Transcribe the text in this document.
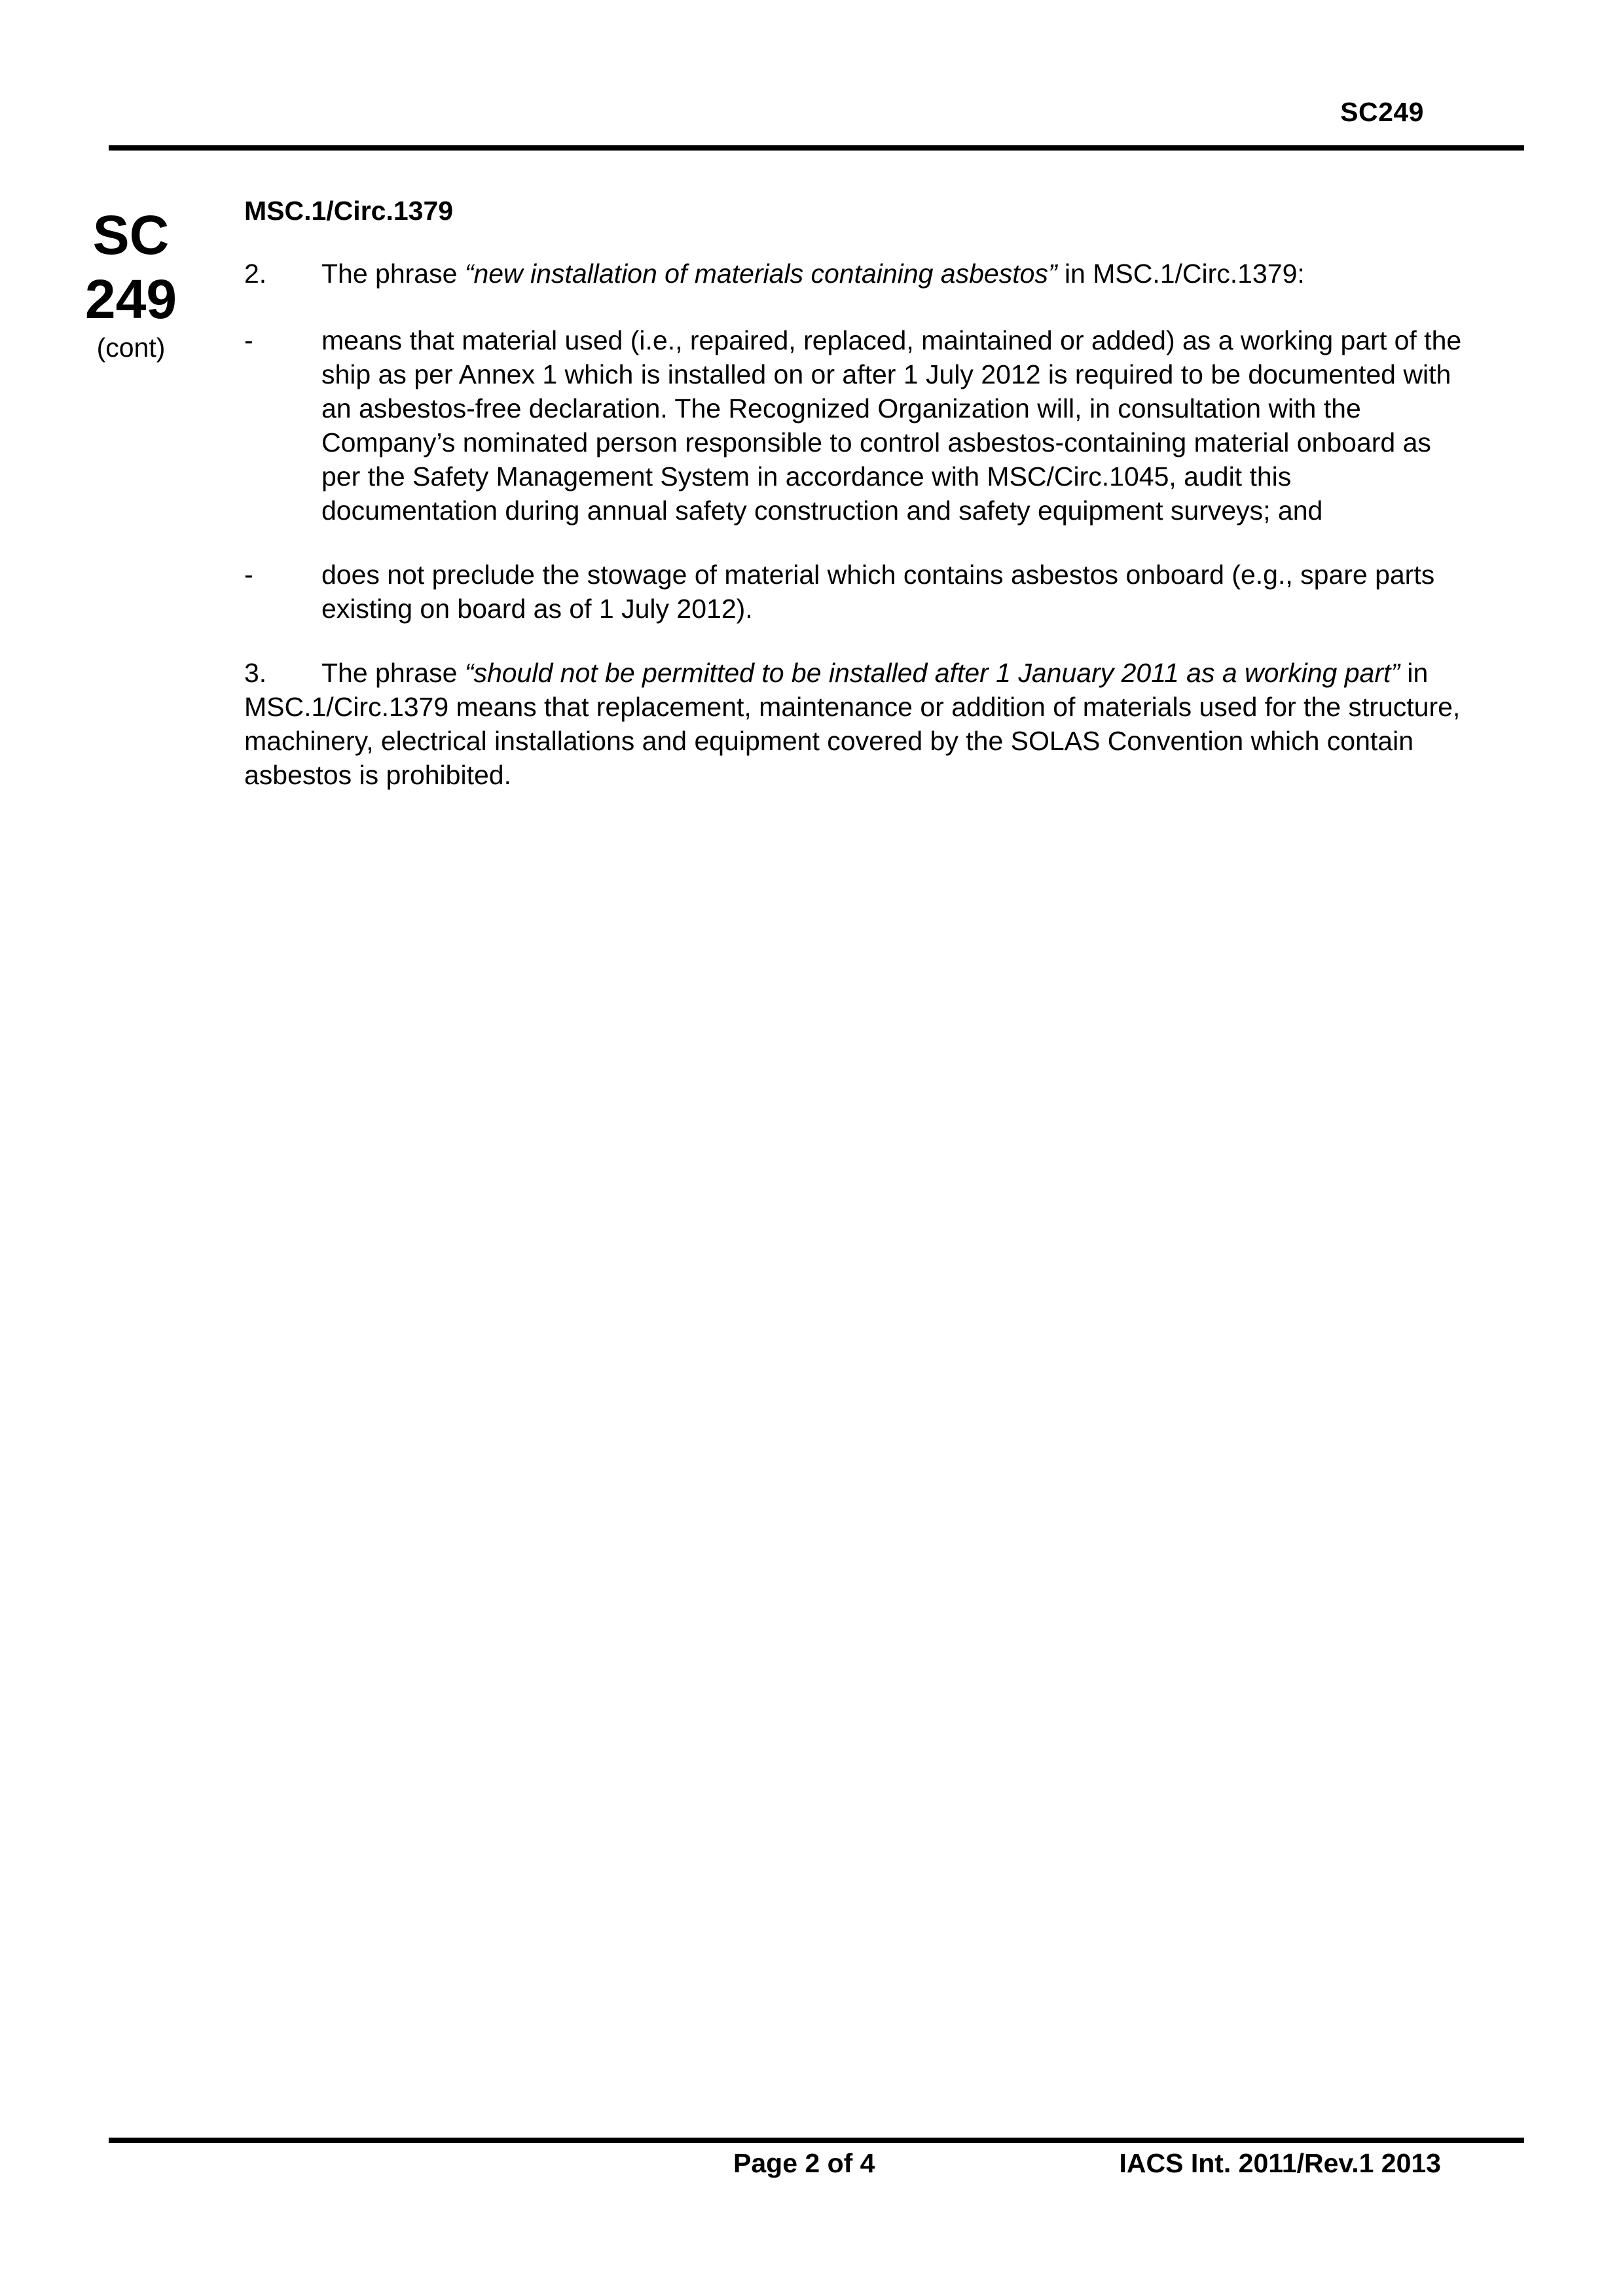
SC249
SC
249
(cont)
MSC.1/Circ.1379
2. The phrase “new installation of materials containing asbestos” in MSC.1/Circ.1379:
-	means that material used (i.e., repaired, replaced, maintained or added) as a working part of the ship as per Annex 1 which is installed on or after 1 July 2012 is required to be documented with an asbestos-free declaration. The Recognized Organization will, in consultation with the Company’s nominated person responsible to control asbestos-containing material onboard as per the Safety Management System in accordance with MSC/Circ.1045, audit this documentation during annual safety construction and safety equipment surveys; and
-	does not preclude the stowage of material which contains asbestos onboard (e.g., spare parts existing on board as of 1 July 2012).
3. The phrase “should not be permitted to be installed after 1 January 2011 as a working part” in MSC.1/Circ.1379 means that replacement, maintenance or addition of materials used for the structure, machinery, electrical installations and equipment covered by the SOLAS Convention which contain asbestos is prohibited.
Page 2 of 4	IACS Int. 2011/Rev.1 2013
